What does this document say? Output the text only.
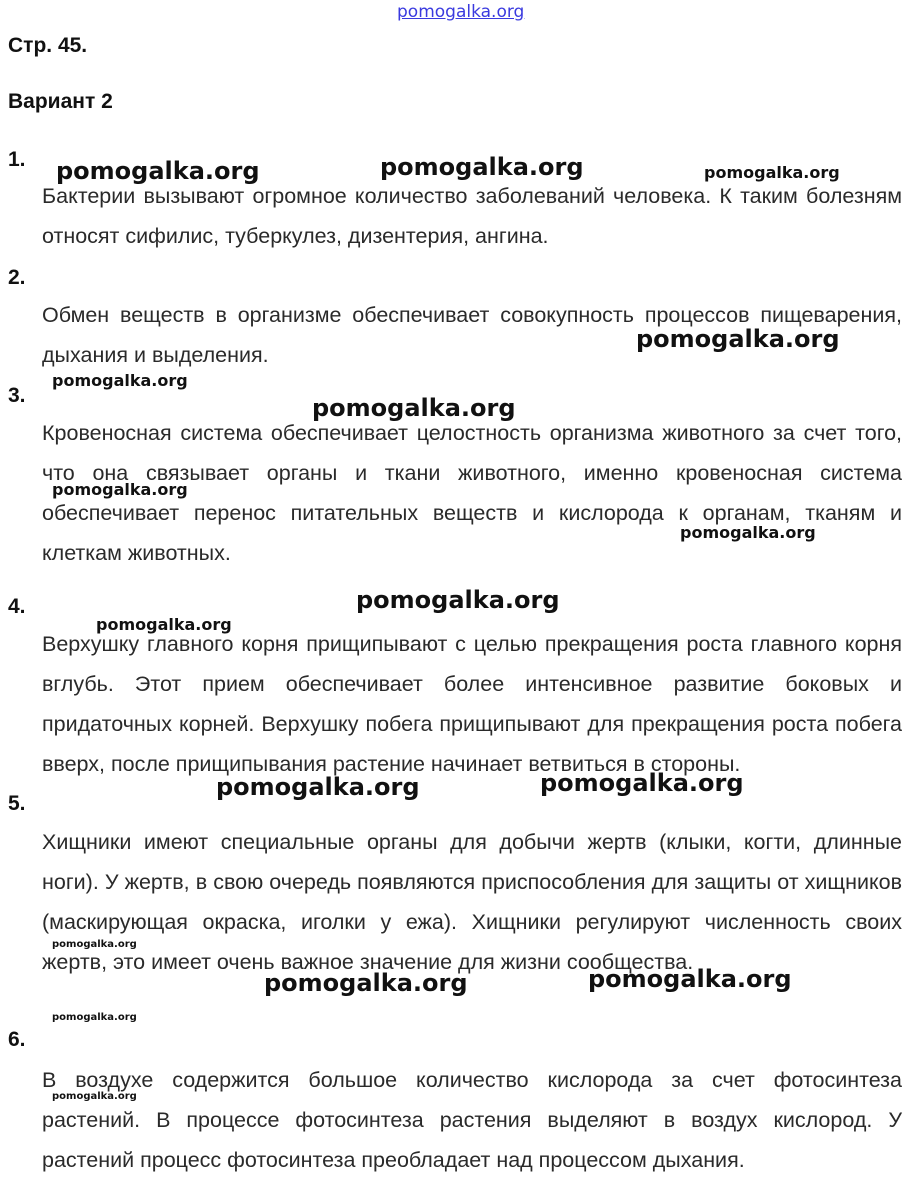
pomogalka.org
Стр. 45.
Вариант 2
1.
Бактерии вызывают огромное количество заболеваний человека. К таким болезням относят сифилис, туберкулез, дизентерия, ангина.
2.
Обмен веществ в организме обеспечивает совокупность процессов пищеварения, дыхания и выделения.
3.
Кровеносная система обеспечивает целостность организма животного за счет того, что она связывает органы и ткани животного, именно кровеносная система обеспечивает перенос питательных веществ и кислорода к органам, тканям и клеткам животных.
4.
Верхушку главного корня прищипывают с целью прекращения роста главного корня вглубь. Этот прием обеспечивает более интенсивное развитие боковых и придаточных корней. Верхушку побега прищипывают для прекращения роста побега вверх, после прищипывания растение начинает ветвиться в стороны.
5.
Хищники имеют специальные органы для добычи жертв (клыки, когти, длинные ноги). У жертв, в свою очередь появляются приспособления для защиты от хищников (маскирующая окраска, иголки у ежа). Хищники регулируют численность своих жертв, это имеет очень важное значение для жизни сообщества.
6.
В воздухе содержится большое количество кислорода за счет фотосинтеза растений. В процессе фотосинтеза растения выделяют в воздух кислород. У растений процесс фотосинтеза преобладает над процессом дыхания.
pomogalka.org	pomogalka.org	pomogalka.org
pomogalka.org
pomogalka.org
pomogalka.org
pomogalka.org
pomogalka.org
pomogalka.org
pomogalka.org
pomogalka.org	pomogalka.org
pomogalka.org
pomogalka.org	pomogalka.org
pomogalka.org
pomogalka.org
